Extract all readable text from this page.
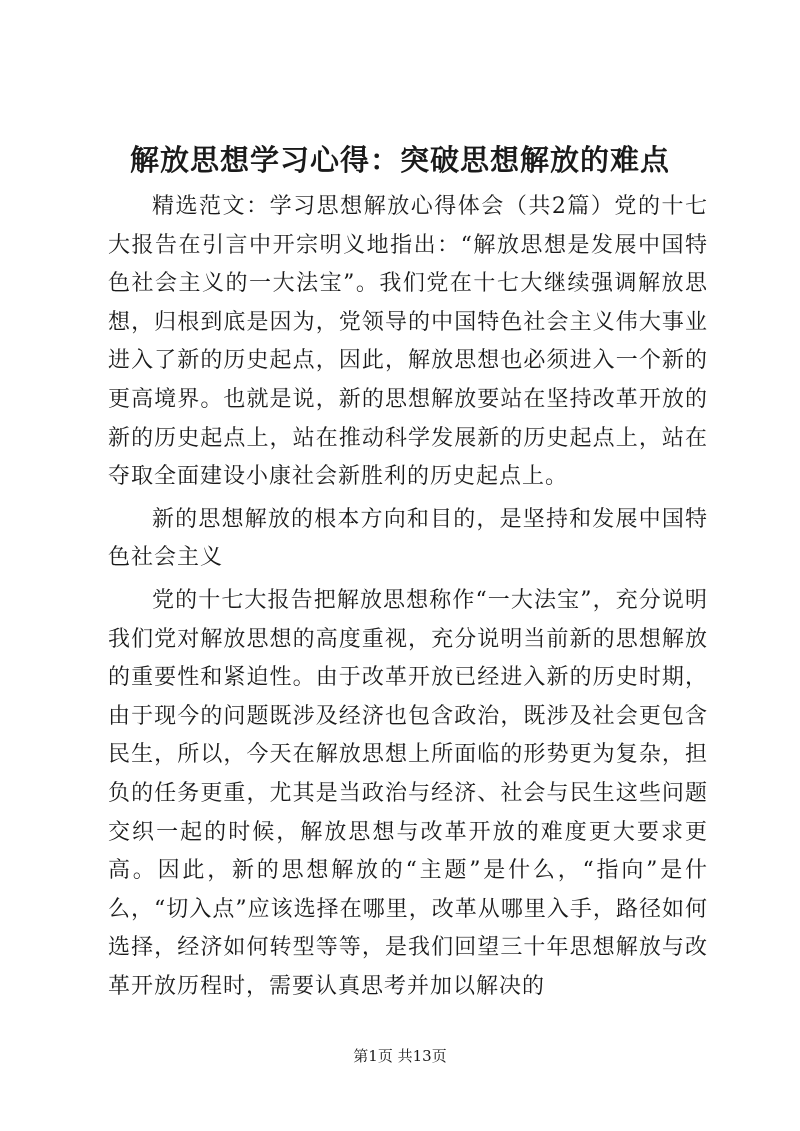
解放思想学习心得：突破思想解放的难点

精选范文：学习思想解放心得体会（共2篇）党的十七大报告在引言中开宗明义地指出：“解放思想是发展中国特色社会主义的一大法宝”。我们党在十七大继续强调解放思想，归根到底是因为，党领导的中国特色社会主义伟大事业进入了新的历史起点，因此，解放思想也必须进入一个新的更高境界。也就是说，新的思想解放要站在坚持改革开放的新的历史起点上，站在推动科学发展新的历史起点上，站在夺取全面建设小康社会新胜利的历史起点上。

新的思想解放的根本方向和目的，是坚持和发展中国特色社会主义

党的十七大报告把解放思想称作“一大法宝”，充分说明我们党对解放思想的高度重视，充分说明当前新的思想解放的重要性和紧迫性。由于改革开放已经进入新的历史时期，由于现今的问题既涉及经济也包含政治，既涉及社会更包含民生，所以，今天在解放思想上所面临的形势更为复杂，担负的任务更重，尤其是当政治与经济、社会与民生这些问题交织一起的时候，解放思想与改革开放的难度更大要求更高。因此，新的思想解放的“主题”是什么，“指向”是什么，“切入点”应该选择在哪里，改革从哪里入手，路径如何选择，经济如何转型等等，是我们回望三十年思想解放与改革开放历程时，需要认真思考并加以解决的

第1页 共13页
